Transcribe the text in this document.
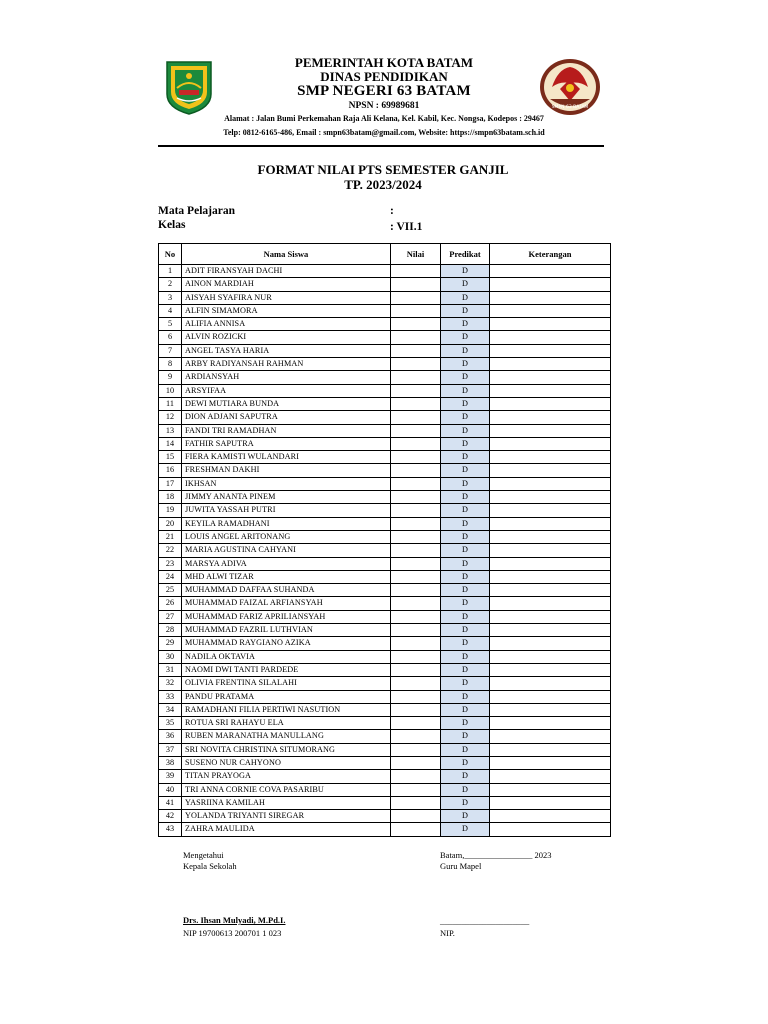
SMPN 63 BATAM
PEMERINTAH KOTA BATAM
DINAS PENDIDIKAN
SMP NEGERI 63 BATAM
NPSN : 69989681
Alamat : Jalan Bumi Perkemahan Raja Ali Kelana, Kel. Kabil, Kec. Nongsa, Kodepos : 29467
Telp: 0812-6165-486, Email : smpn63batam@gmail.com, Website: https://smpn63batam.sch.id
FORMAT NILAI PTS SEMESTER GANJIL
TP. 2023/2024
Mata Pelajaran	:
Kelas	: VII.1
No	Nama Siswa	Nilai	Predikat	Keterangan
1	ADIT FIRANSYAH DACHI		D	
2	AINON MARDIAH		D	
3	AISYAH SYAFIRA NUR		D	
4	ALFIN SIMAMORA		D	
5	ALIFIA ANNISA		D	
6	ALVIN ROZICKI		D	
7	ANGEL TASYA HARIA		D	
8	ARBY RADIYANSAH RAHMAN		D	
9	ARDIANSYAH		D	
10	ARSYIFAA		D	
11	DEWI MUTIARA BUNDA		D	
12	DION ADJANI SAPUTRA		D	
13	FANDI TRI RAMADHAN		D	
14	FATHIR SAPUTRA		D	
15	FIERA KAMISTI WULANDARI		D	
16	FRESHMAN DAKHI		D	
17	IKHSAN		D	
18	JIMMY ANANTA PINEM		D	
19	JUWITA YASSAH PUTRI		D	
20	KEYILA RAMADHANI		D	
21	LOUIS ANGEL ARITONANG		D	
22	MARIA AGUSTINA CAHYANI		D	
23	MARSYA ADIVA		D	
24	MHD ALWI TIZAR		D	
25	MUHAMMAD DAFFAA SUHANDA		D	
26	MUHAMMAD FAIZAL ARFIANSYAH		D	
27	MUHAMMAD FARIZ APRILIANSYAH		D	
28	MUHAMMAD FAZRIL LUTHVIAN		D	
29	MUHAMMAD RAYGIANO AZIKA		D	
30	NADILA OKTAVIA		D	
31	NAOMI DWI TANTI PARDEDE		D	
32	OLIVIA FRENTINA SILALAHI		D	
33	PANDU PRATAMA		D	
34	RAMADHANI FILIA PERTIWI NASUTION		D	
35	ROTUA SRI RAHAYU ELA		D	
36	RUBEN MARANATHA MANULLANG		D	
37	SRI NOVITA CHRISTINA SITUMORANG		D	
38	SUSENO NUR CAHYONO		D	
39	TITAN PRAYOGA		D	
40	TRI ANNA CORNIE COVA PASARIBU		D	
41	YASRIINA KAMILAH		D	
42	YOLANDA TRIYANTI SIREGAR		D	
43	ZAHRA MAULIDA		D	
Mengetahui
Kepala Sekolah
Drs. Ihsan Mulyadi, M.Pd.I.
NIP 19700613 200701 1 023
Batam,________________ 2023
Guru Mapel
_____________________
NIP.
